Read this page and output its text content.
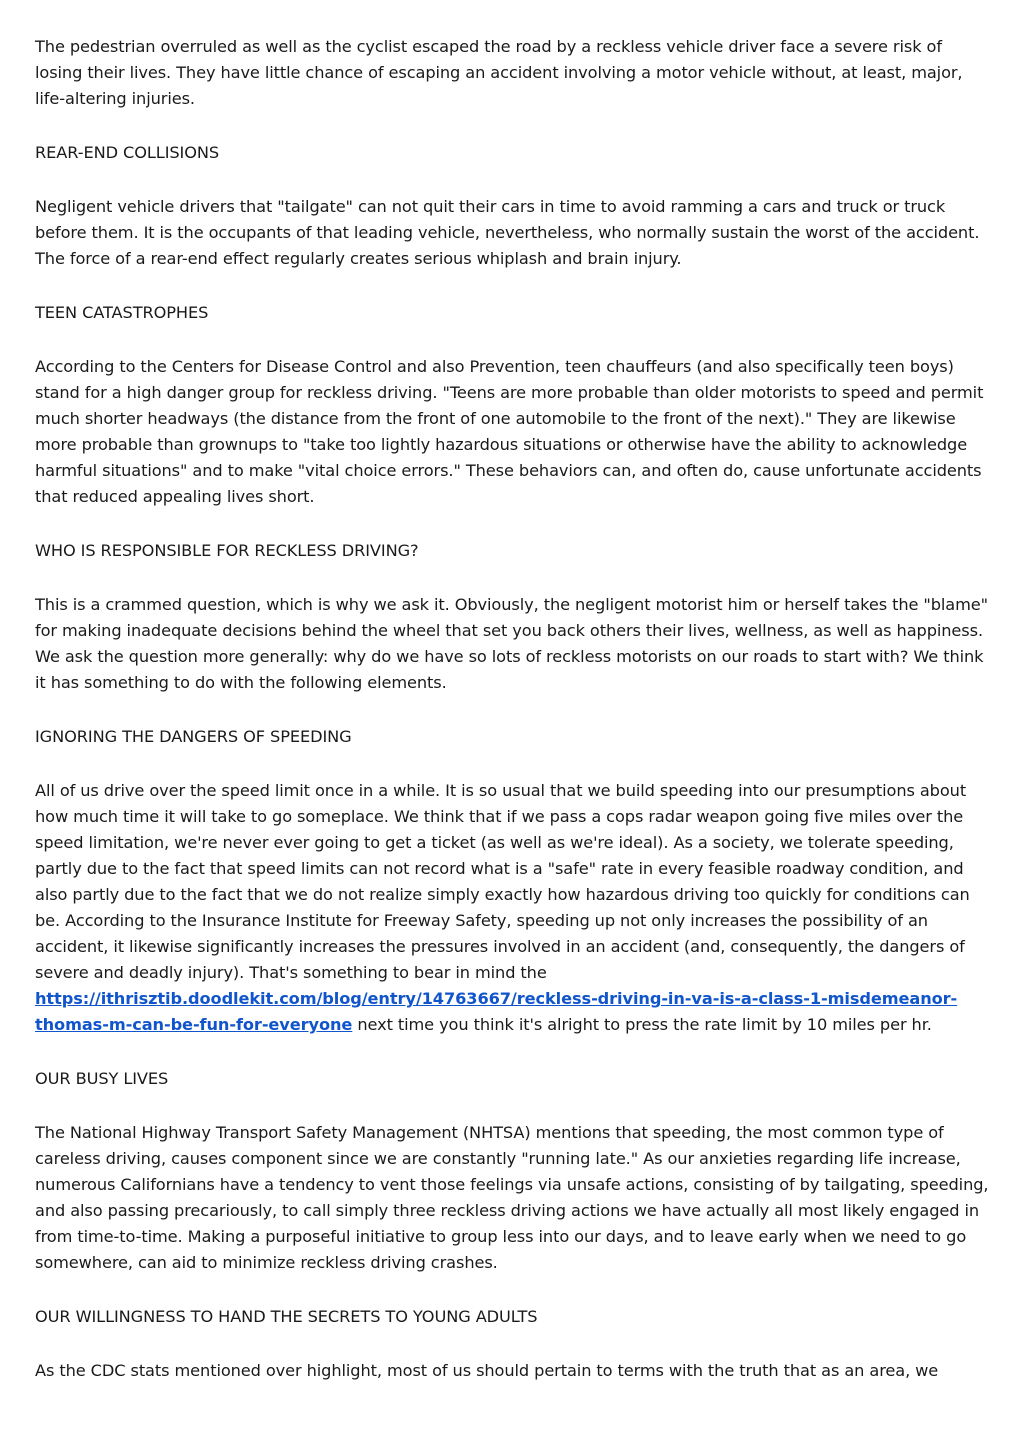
The pedestrian overruled as well as the cyclist escaped the road by a reckless vehicle driver face a severe risk of losing their lives. They have little chance of escaping an accident involving a motor vehicle without, at least, major, life-altering injuries.

REAR-END COLLISIONS

Negligent vehicle drivers that "tailgate" can not quit their cars in time to avoid ramming a cars and truck or truck before them. It is the occupants of that leading vehicle, nevertheless, who normally sustain the worst of the accident. The force of a rear-end effect regularly creates serious whiplash and brain injury.

TEEN CATASTROPHES

According to the Centers for Disease Control and also Prevention, teen chauffeurs (and also specifically teen boys) stand for a high danger group for reckless driving. "Teens are more probable than older motorists to speed and permit much shorter headways (the distance from the front of one automobile to the front of the next)." They are likewise more probable than grownups to "take too lightly hazardous situations or otherwise have the ability to acknowledge harmful situations" and to make "vital choice errors." These behaviors can, and often do, cause unfortunate accidents that reduced appealing lives short.

WHO IS RESPONSIBLE FOR RECKLESS DRIVING?

This is a crammed question, which is why we ask it. Obviously, the negligent motorist him or herself takes the "blame" for making inadequate decisions behind the wheel that set you back others their lives, wellness, as well as happiness. We ask the question more generally: why do we have so lots of reckless motorists on our roads to start with? We think it has something to do with the following elements.

IGNORING THE DANGERS OF SPEEDING

All of us drive over the speed limit once in a while. It is so usual that we build speeding into our presumptions about how much time it will take to go someplace. We think that if we pass a cops radar weapon going five miles over the speed limitation, we're never ever going to get a ticket (as well as we're ideal). As a society, we tolerate speeding, partly due to the fact that speed limits can not record what is a "safe" rate in every feasible roadway condition, and also partly due to the fact that we do not realize simply exactly how hazardous driving too quickly for conditions can be. According to the Insurance Institute for Freeway Safety, speeding up not only increases the possibility of an accident, it likewise significantly increases the pressures involved in an accident (and, consequently, the dangers of severe and deadly injury). That's something to bear in mind the https://ithrisztib.doodlekit.com/blog/entry/14763667/reckless-driving-in-va-is-a-class-1-misdemeanor-thomas-m-can-be-fun-for-everyone next time you think it's alright to press the rate limit by 10 miles per hr.

OUR BUSY LIVES

The National Highway Transport Safety Management (NHTSA) mentions that speeding, the most common type of careless driving, causes component since we are constantly "running late." As our anxieties regarding life increase, numerous Californians have a tendency to vent those feelings via unsafe actions, consisting of by tailgating, speeding, and also passing precariously, to call simply three reckless driving actions we have actually all most likely engaged in from time-to-time. Making a purposeful initiative to group less into our days, and to leave early when we need to go somewhere, can aid to minimize reckless driving crashes.

OUR WILLINGNESS TO HAND THE SECRETS TO YOUNG ADULTS

As the CDC stats mentioned over highlight, most of us should pertain to terms with the truth that as an area, we
